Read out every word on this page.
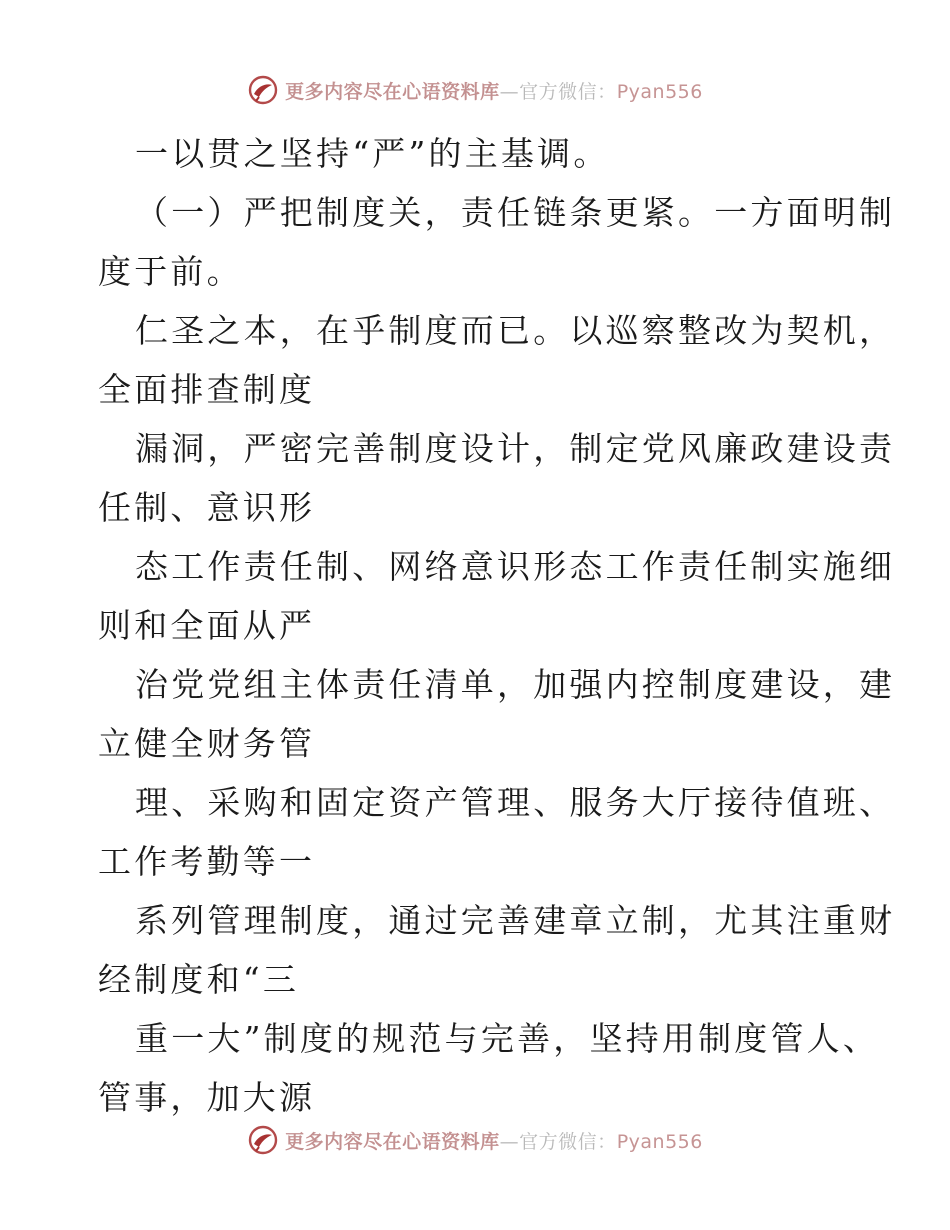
更多内容尽在心语资料库—官方微信：Pyan556
一以贯之坚持“严”的主基调。
（一）严把制度关，责任链条更紧。一方面明制
度于前。
仁圣之本，在乎制度而已。以巡察整改为契机，
全面排查制度
漏洞，严密完善制度设计，制定党风廉政建设责
任制、意识形
态工作责任制、网络意识形态工作责任制实施细
则和全面从严
治党党组主体责任清单，加强内控制度建设，建
立健全财务管
理、采购和固定资产管理、服务大厅接待值班、
工作考勤等一
系列管理制度，通过完善建章立制，尤其注重财
经制度和“三
重一大”制度的规范与完善，坚持用制度管人、
管事，加大源
更多内容尽在心语资料库—官方微信：Pyan556
